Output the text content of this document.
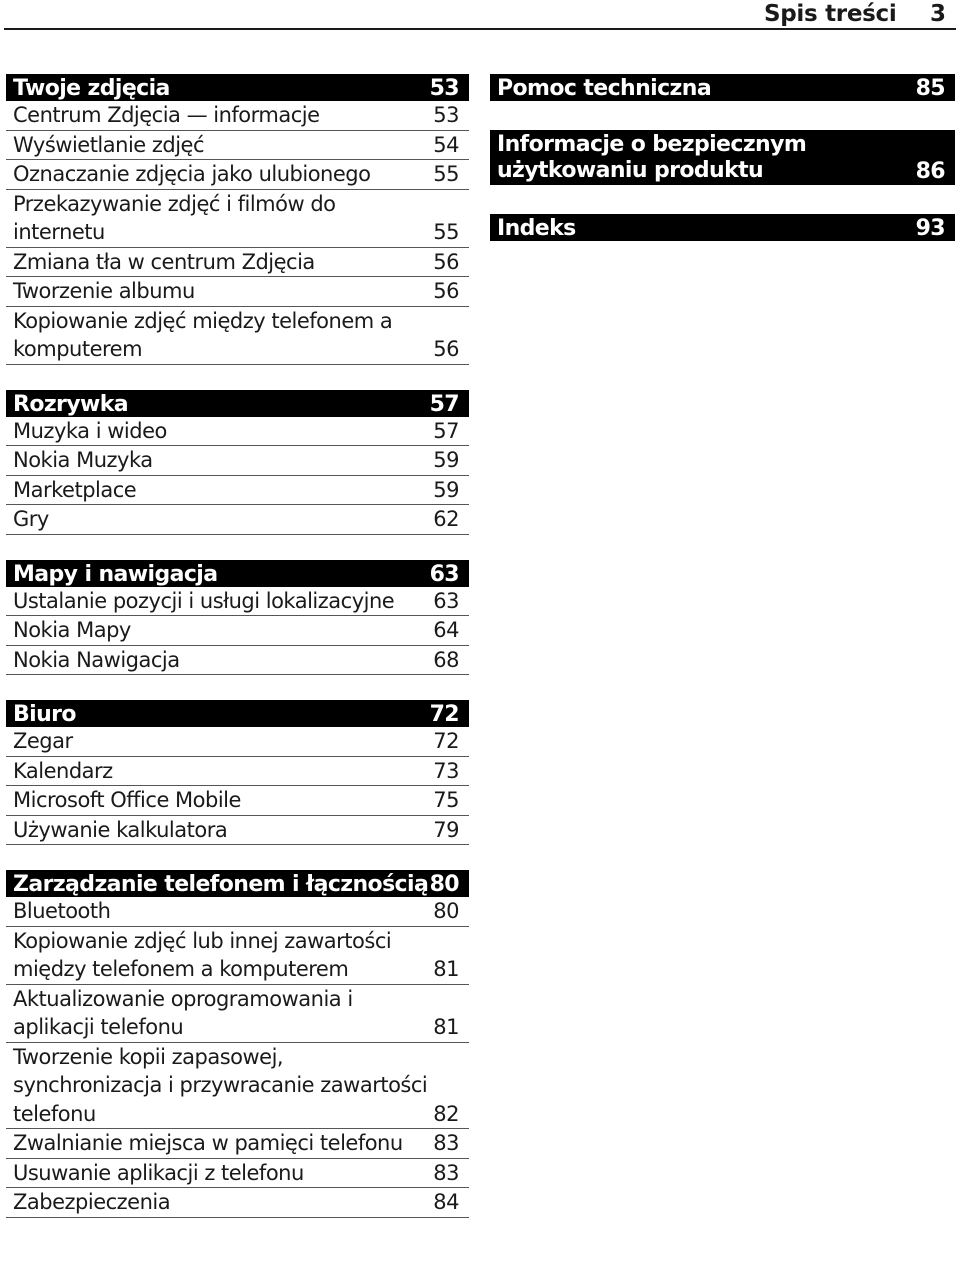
Spis treści 3
Twoje zdjęcia	53
Centrum Zdjęcia — informacje	53
Wyświetlanie zdjęć	54
Oznaczanie zdjęcia jako ulubionego	55
Przekazywanie zdjęć i filmów do internetu	55
Zmiana tła w centrum Zdjęcia	56
Tworzenie albumu	56
Kopiowanie zdjęć między telefonem a komputerem	56
Rozrywka	57
Muzyka i wideo	57
Nokia Muzyka	59
Marketplace	59
Gry	62
Mapy i nawigacja	63
Ustalanie pozycji i usługi lokalizacyjne 63
Nokia Mapy	64
Nokia Nawigacja	68
Biuro	72
Zegar	72
Kalendarz	73
Microsoft Office Mobile	75
Używanie kalkulatora	79
Zarządzanie telefonem i łącznością 80
Bluetooth	80
Kopiowanie zdjęć lub innej zawartości między telefonem a komputerem	81
Aktualizowanie oprogramowania i aplikacji telefonu	81
Tworzenie kopii zapasowej, synchronizacja i przywracanie zawartości telefonu	82
Zwalnianie miejsca w pamięci telefonu 83
Usuwanie aplikacji z telefonu	83
Zabezpieczenia	84
Pomoc techniczna	85
Informacje o bezpiecznym użytkowaniu produktu	86
Indeks	93
